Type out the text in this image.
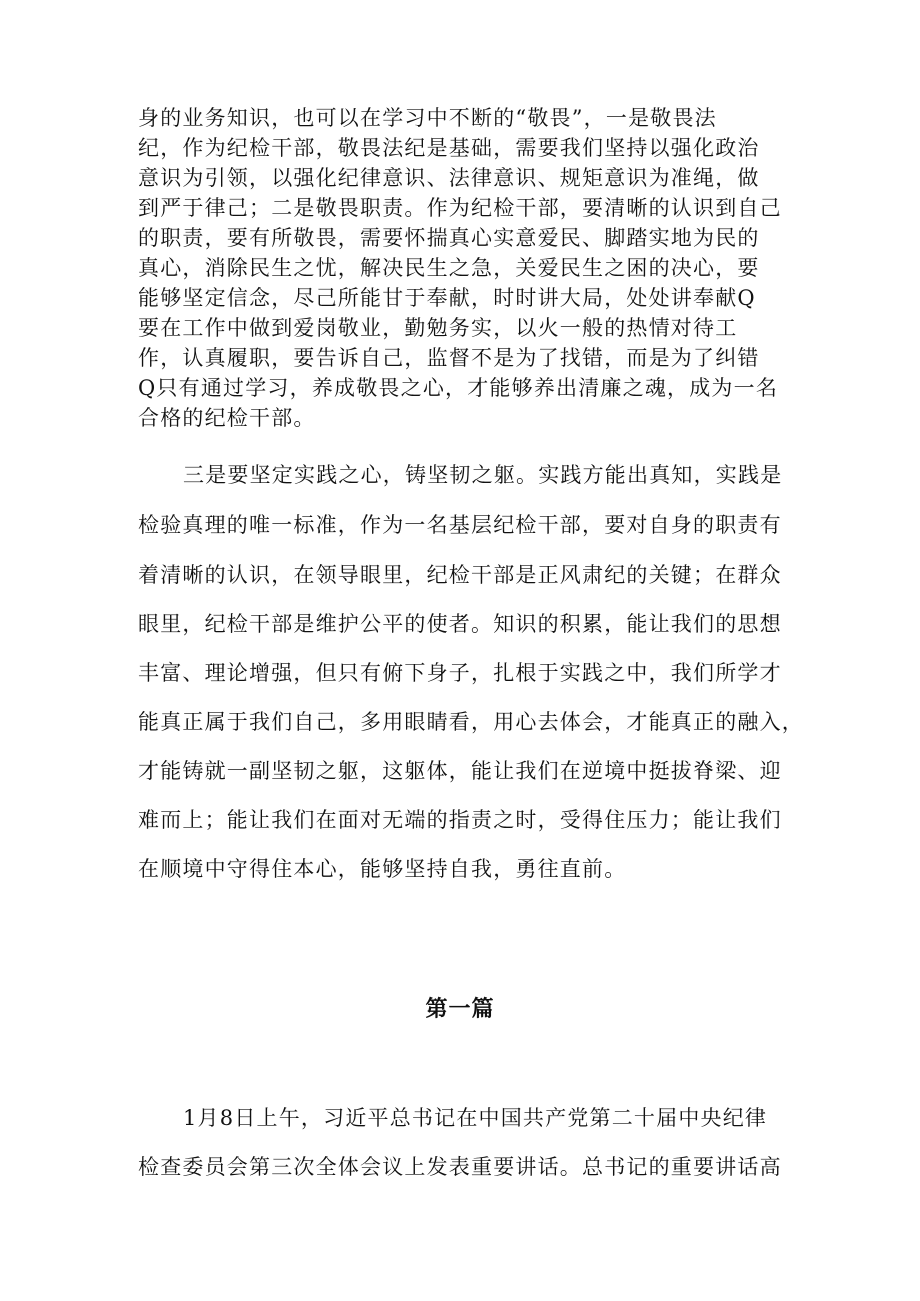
身的业务知识，也可以在学习中不断的“敬畏”，一是敬畏法
纪，作为纪检干部，敬畏法纪是基础，需要我们坚持以强化政治
意识为引领，以强化纪律意识、法律意识、规矩意识为准绳，做
到严于律己；二是敬畏职责。作为纪检干部，要清晰的认识到自己
的职责，要有所敬畏，需要怀揣真心实意爱民、脚踏实地为民的
真心，消除民生之忧，解决民生之急，关爱民生之困的决心，要
能够坚定信念，尽己所能甘于奉献，时时讲大局，处处讲奉献Q
要在工作中做到爱岗敬业，勤勉务实，以火一般的热情对待工
作，认真履职，要告诉自己，监督不是为了找错，而是为了纠错
Q只有通过学习，养成敬畏之心，才能够养出清廉之魂，成为一名
合格的纪检干部。
三是要坚定实践之心，铸坚韧之躯。实践方能出真知，实践是
检验真理的唯一标准，作为一名基层纪检干部，要对自身的职责有
着清晰的认识，在领导眼里，纪检干部是正风肃纪的关键；在群众
眼里，纪检干部是维护公平的使者。知识的积累，能让我们的思想
丰富、理论增强，但只有俯下身子，扎根于实践之中，我们所学才
能真正属于我们自己，多用眼睛看，用心去体会，才能真正的融入，
才能铸就一副坚韧之躯，这躯体，能让我们在逆境中挺拔脊梁、迎
难而上；能让我们在面对无端的指责之时，受得住压力；能让我们
在顺境中守得住本心，能够坚持自我，勇往直前。
第一篇
1月8日上午，习近平总书记在中国共产党第二十届中央纪律
检查委员会第三次全体会议上发表重要讲话。总书记的重要讲话高
